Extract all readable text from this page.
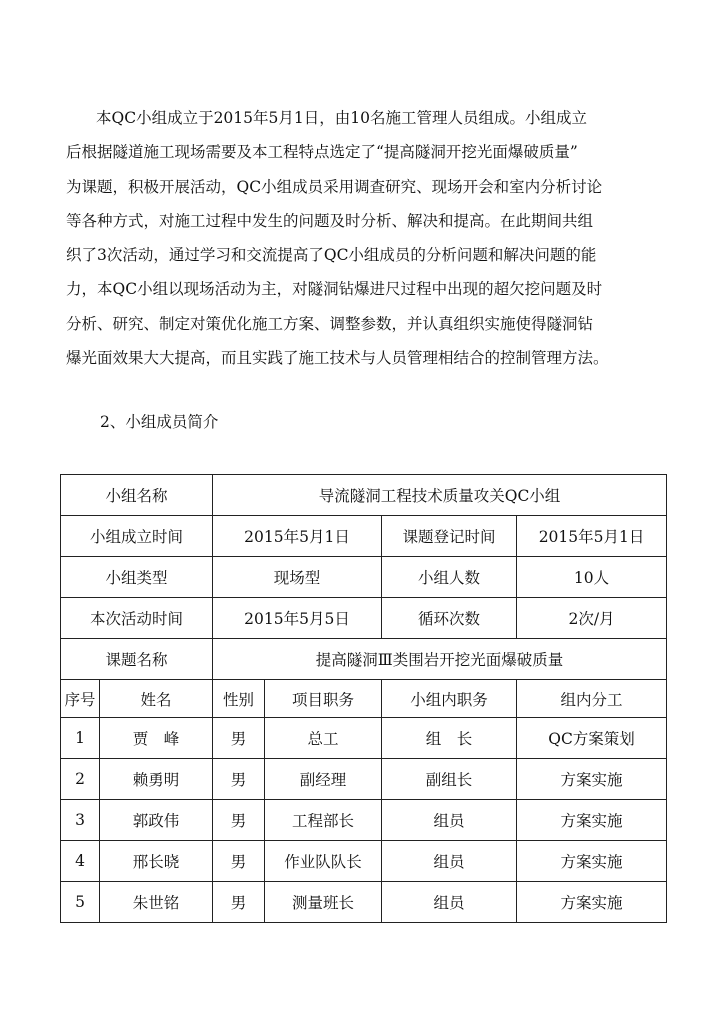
本QC小组成立于2015年5月1日，由10名施工管理人员组成。小组成立
后根据隧道施工现场需要及本工程特点选定了“提高隧洞开挖光面爆破质量”
为课题，积极开展活动，QC小组成员采用调查研究、现场开会和室内分析讨论
等各种方式，对施工过程中发生的问题及时分析、解决和提高。在此期间共组
织了3次活动，通过学习和交流提高了QC小组成员的分析问题和解决问题的能
力，本QC小组以现场活动为主，对隧洞钻爆进尺过程中出现的超欠挖问题及时
分析、研究、制定对策优化施工方案、调整参数，并认真组织实施使得隧洞钻
爆光面效果大大提高，而且实践了施工技术与人员管理相结合的控制管理方法。
2、小组成员简介
小组名称		导流隧洞工程技术质量攻关QC小组			
小组成立时间		2015年5月1日		课题登记时间	2015年5月1日
小组类型		现场型		小组人数	10人
本次活动时间		2015年5月5日		循环次数	2次/月
课题名称		提高隧洞Ⅲ类围岩开挖光面爆破质量			
序号	姓名	性别	项目职务	小组内职务	组内分工
1	贾　峰	男	总工	组　长	QC方案策划
2	赖勇明	男	副经理	副组长	方案实施
3	郭政伟	男	工程部长	组员	方案实施
4	邢长晓	男	作业队队长	组员	方案实施
5	朱世铭	男	测量班长	组员	方案实施
